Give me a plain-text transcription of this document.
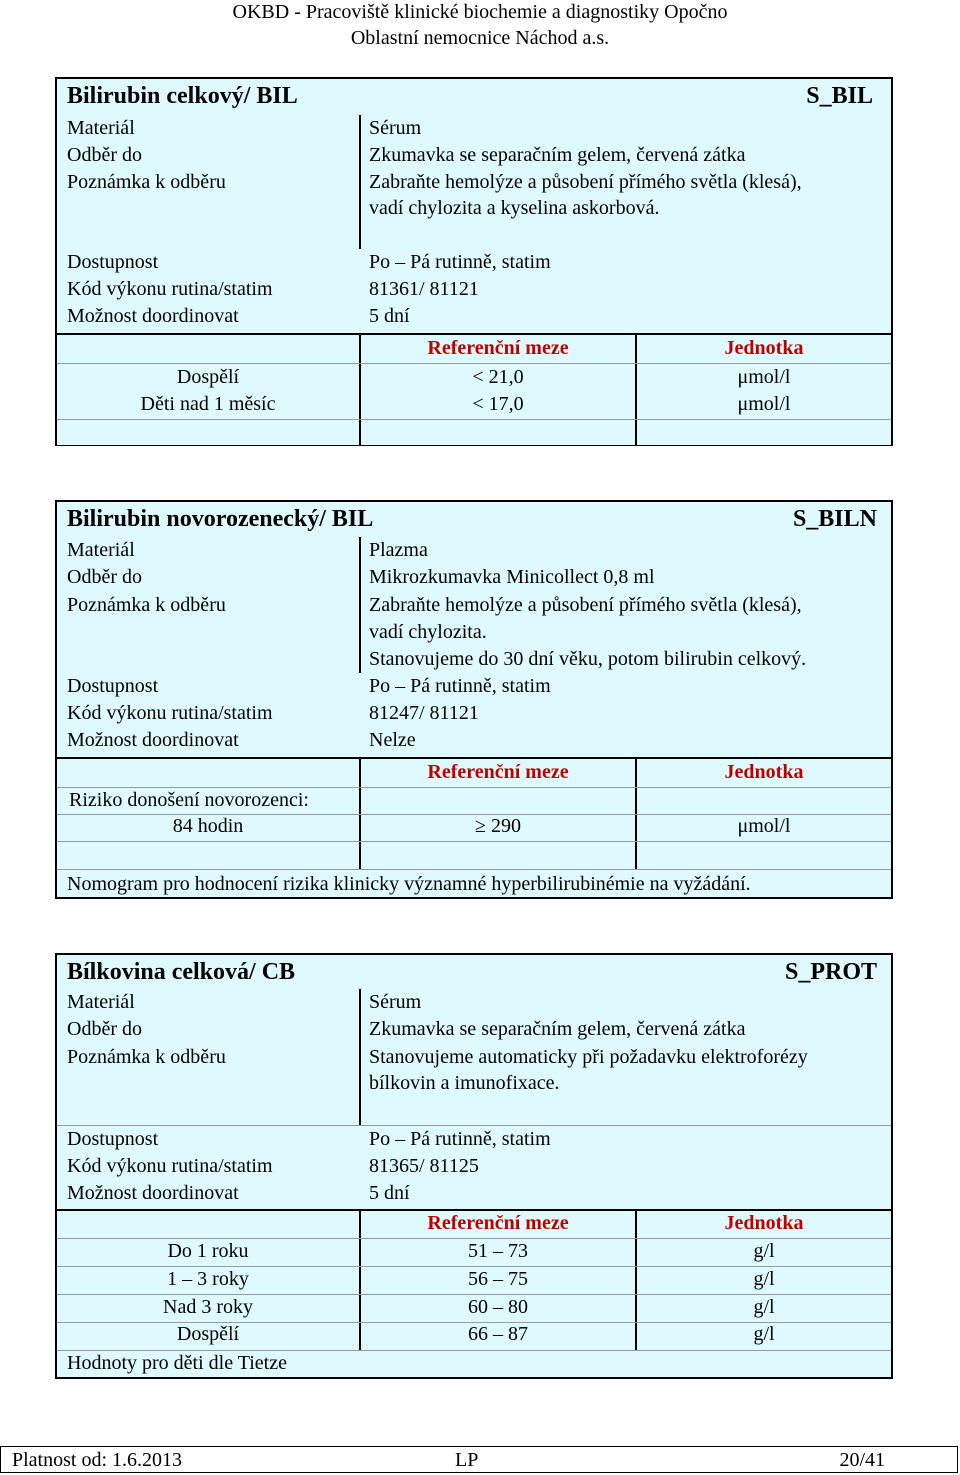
OKBD - Pracoviště klinické biochemie a diagnostiky Opočno
Oblastní nemocnice Náchod a.s.
Bilirubin celkový/ BIL	S_BIL
Materiál	Sérum
Odběr do	Zkumavka se separačním gelem, červená zátka
Poznámka k odběru	Zabraňte hemolýze a působení přímého světla (klesá),
vadí chylozita a kyselina askorbová.
Dostupnost	Po – Pá rutinně, statim
Kód výkonu rutina/statim	81361/ 81121
Možnost doordinovat	5 dní
Referenční meze	Jednotka
Dospělí	< 21,0	μmol/l
Děti nad 1 měsíc	< 17,0	μmol/l
Bilirubin novorozenecký/ BIL	S_BILN
Materiál	Plazma
Odběr do	Mikrozkumavka Minicollect 0,8 ml
Poznámka k odběru	Zabraňte hemolýze a působení přímého světla (klesá),
vadí chylozita.
Stanovujeme do 30 dní věku, potom bilirubin celkový.
Dostupnost	Po – Pá rutinně, statim
Kód výkonu rutina/statim	81247/ 81121
Možnost doordinovat	Nelze
Referenční meze	Jednotka
Riziko donošení novorozenci:
84 hodin	≥ 290	μmol/l
Nomogram pro hodnocení rizika klinicky významné hyperbilirubinémie na vyžádání.
Bílkovina celková/ CB	S_PROT
Materiál	Sérum
Odběr do	Zkumavka se separačním gelem, červená zátka
Poznámka k odběru	Stanovujeme automaticky při požadavku elektroforézy
bílkovin a imunofixace.
Dostupnost	Po – Pá rutinně, statim
Kód výkonu rutina/statim	81365/ 81125
Možnost doordinovat	5 dní
Referenční meze	Jednotka
Do 1 roku	51 – 73	g/l
1 – 3 roky	56 – 75	g/l
Nad 3 roky	60 – 80	g/l
Dospělí	66 – 87	g/l
Hodnoty pro děti dle Tietze
Platnost od: 1.6.2013	LP	20/41
